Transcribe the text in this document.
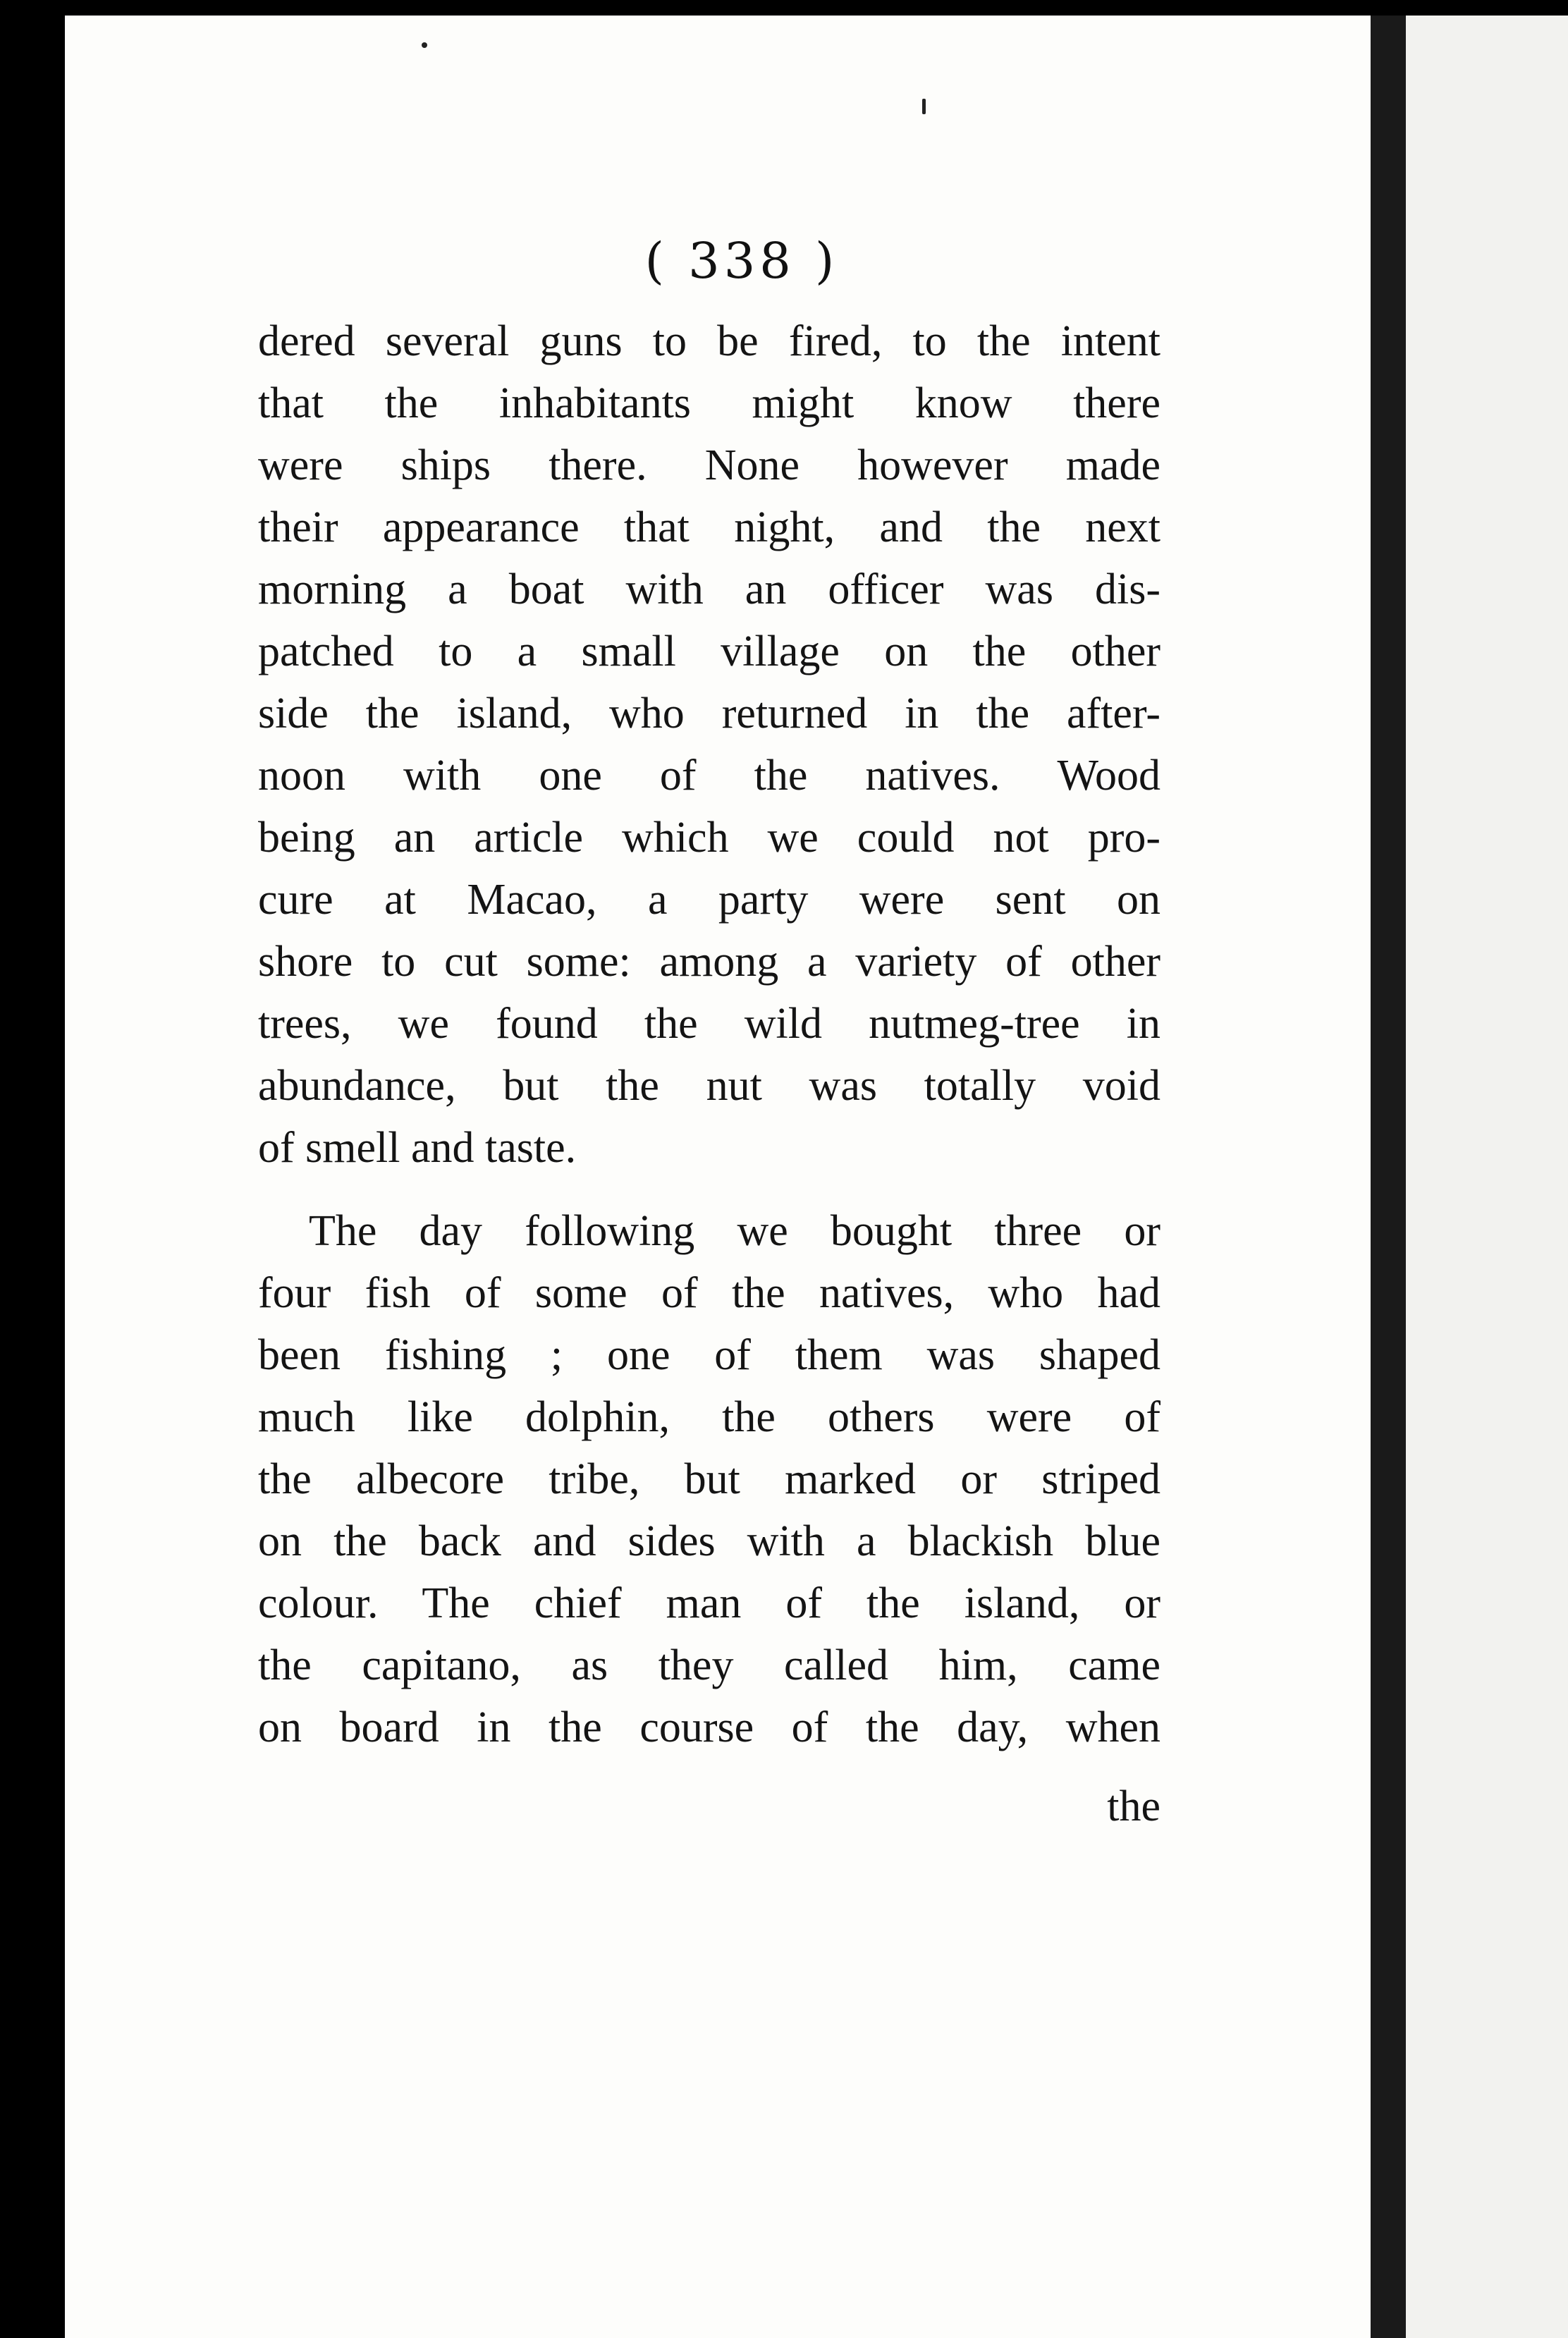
( 338 )
dered several guns to be fired, to the intent
that the inhabitants might know there
were ships there. None however made
their appearance that night, and the next
morning a boat with an officer was dis-
patched to a small village on the other
side the island, who returned in the after-
noon with one of the natives. Wood
being an article which we could not pro-
cure at Macao, a party were sent on
shore to cut some: among a variety of other
trees, we found the wild nutmeg-tree in
abundance, but the nut was totally void
of smell and taste.
The day following we bought three or
four fish of some of the natives, who had
been fishing ; one of them was shaped
much like dolphin, the others were of
the albecore tribe, but marked or striped
on the back and sides with a blackish blue
colour. The chief man of the island, or
the capitano, as they called him, came
on board in the course of the day, when
the
